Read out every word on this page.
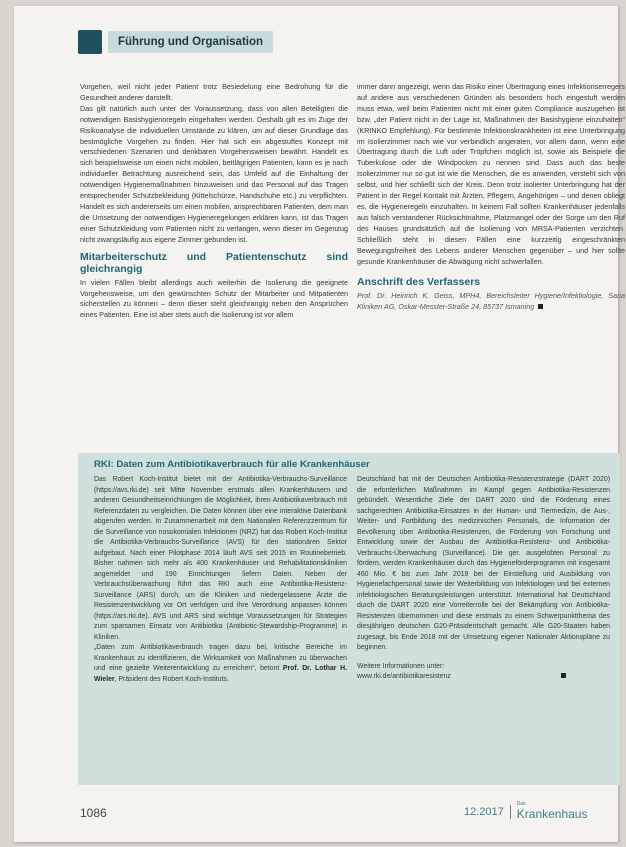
Führung und Organisation

Vorgehen, weil nicht jeder Patient trotz Besiedelung eine Bedrohung für die Gesundheit anderer darstellt.

Das gilt natürlich auch unter der Voraussetzung, dass von allen Beteiligten die notwendigen Basishygienoregeln eingehalten werden. Deshalb gilt es im Zuge der Risikoanalyse die individuellen Umstände zu klären, um auf dieser Grundlage das bestmögliche Vorgehen zu finden. Hier hat sich ein abgestuftes Konzept mit verschiedenen Szenarien und denkbaren Vorgehensweisen bewährt. Handelt es sich beispielsweise um einen nicht mobilen, bettlägrigen Patienten, kann es je nach individueller Betrachtung ausreichend sein, das Umfeld auf die Einhaltung der notwendigen Hygienemaßnahmen hinzuweisen und das Personal auf das Tragen entsprechender Schutzbekleidung (Kittelschürze, Handschuhe etc.) zu verpflichten. Handelt es sich andererseits um einen mobilen, ansprechbaren Patienten, dem man die Umsetzung der notwendigen Hygieneregelungen erklären kann, ist das Tragen einer Schutzkleidung vom Patienten nicht zu verlangen, wenn dieser im Gegenzug nicht zwangsläufig aus eigene Zimmer gebunden ist.

Mitarbeiterschutz und Patientenschutz sind gleichrangig

In vielen Fällen bleibt allerdings auch weiterhin die Isolierung die geeignete Vorgehensweise, um den gewünschten Schutz der Mitarbeiter und Mitpatienten sicherstellen zu können – denn dieser steht gleichrangig neben den Ansprüchen eines Patienten. Eine ist aber stets auch die Isolierung ist vor allem

immer dann angezeigt, wenn das Risiko einer Übertragung eines Infektionserregers auf andere aus verschiedenen Gründen als besonders hoch eingestuft werden muss etwa, weil beim Patienten nicht mit einer guten Compliance auszugehen ist bzw. „der Patient nicht in der Lage ist, Maßnahmen der Basishygiene einzuhalten“ (KRINKO Empfehlung). Für bestimmte Infektionskrankheiten ist eine Unterbringung im Isolierzimmer nach wie vor verbindlich angeraten, vor allem dann, wenn eine Übertragung durch die Luft oder Tröpfchen möglich ist, sowie als Beispiele die Tuberkulose oder die Windpocken zu nennen sind. Dass auch das beste Isolierzimmer nur so gut ist wie die Menschen, die es anwenden, versteht sich von selbst, und hier schließt sich der Kreis. Denn trotz isolierter Unterbringung hat der Patient in der Regel Kontakt mit Ärzten, Pflegern, Angehörigen – und denen obliegt es, die Hygieneregeln einzuhalten. In keinem Fall sollten Krankenhäuser jedenfalls aus falsch verstandener Rücksichtnahme, Platzmangel oder der Sorge um den Ruf des Hauses grundsätzlich auf die Isolierung von MRSA-Patienten verzichten. Schließlich steht in diesen Fällen eine kurzzeitig eingeschränkten Bewegungsfreiheit des Lebens anderer Menschen gegenüber – und hier sollte gesunde Krankenhäuser die Abwägung nicht schwerfallen.

Anschrift des Verfassers

Prof. Dr. Heinrich K. Geiss, MPH4, Bereichsleiter Hygiene/Infektiologie, Sana Kliniken AG, Oskar-Messter-Straße 24, 85737 Ismaning

RKI: Daten zum Antibiotikaverbrauch für alle Krankenhäuser

Das Robert Koch-Institut bietet mit der Antibiotika-Verbrauchs-Surveillance (https://avs.rki.de) seit Mitte November erstmals allen Krankenhäusern und anderen Gesundheitseinrichtungen die Möglichkeit, ihren Antibiotikaverbrauch mit Referenzdaten zu vergleichen. Die Daten können über eine interaktive Datenbank abgerufen werden. In Zusammenarbeit mit dem Nationalen Referenzzentrum für die Surveillance von nosokomialen Infektionen (NRZ) hat das Robert Koch-Institut die Antibiotika-Verbrauchs-Surveillance (AVS) für den stationären Sektor aufgebaut. Nach einer Pilotphase 2014 läuft AVS seit 2015 im Routinebetrieb. Bisher nahmen sich mehr als 400 Krankenhäuser und Rehabilitationskliniken angemeldet und 190 Einrichtungen liefern Daten. Neben der Verbrauchsüberwachung führt das RKI auch eine Antibiotika-Resistenz-Surveillance (ARS) durch, um die Kliniken und niedergelassene Ärzte die Resistenzentwicklung vor Ort verfolgen und ihre Verordnung anpassen können (https://ars.rki.de). AVS und ARS sind wichtige Voraussetzungen für Strategien zum sparsamen Einsatz von Antibiotika (Antibiotic-Stewardship-Programme) in Kliniken.

„Daten zum Antibiotikaverbrauch tragen dazu bei, kritische Bereiche im Krankenhaus zu identifizieren, die Wirksamkeit von Maßnahmen zu überwachen und eine gezielte Weiterentwicklung zu erreichen“, betont Prof. Dr. Lothar H. Wieler, Präsident des Robert Koch-Instituts.

Deutschland hat mit der Deutschen Antibiotika-Resistenzstrategie (DART 2020) die erforderlichen Maßnahmen im Kampf gegen Antibiotika-Resistenzen gebündelt. Wesentliche Ziele der DART 2020 sind die Förderung eines sachgerechten Antibiotika-Einsatzes in der Human- und Tiermedizin, die Aus-, Weiter- und Fortbildung des medizinischen Personals, die Information der Bevölkerung über Antibiotika-Resistenzen, die Förderung von Forschung und Entwicklung sowie der Ausbau der Antibiotika-Resistenz- und Antibiotika-Verbrauchs-Überwachung (Surveillance). Die ger. ausgelobten Personal zu fördern, werden Krankenhäuser durch das Hygieneförderprogramm mit insgesamt 460 Mio. € bis zum Jahr 2019 bei der Einstellung und Ausbildung von Hygienefachpersonal sowie der Weiterbildung von Infektiologen und bei externen infektiologischen Beratungsleistungen unterstützt. International hat Deutschland durch die DART 2020 eine Vorreiterrolle bei der Bekämpfung von Antibiotika-Resistenzen übernommen und diese erstmals zu einem Schwerpunktthema des diesjährigen deutschen G20-Präsidentschaft gemacht. Alle G20-Staaten haben zugesagt, bis Ende 2018 mit der Umsetzung eigener Nationaler Aktionspläne zu beginnen.

Weitere Informationen unter:
www.rki.de/antibiotikaresistenz

1086	12.2017
Das
Krankenhaus
